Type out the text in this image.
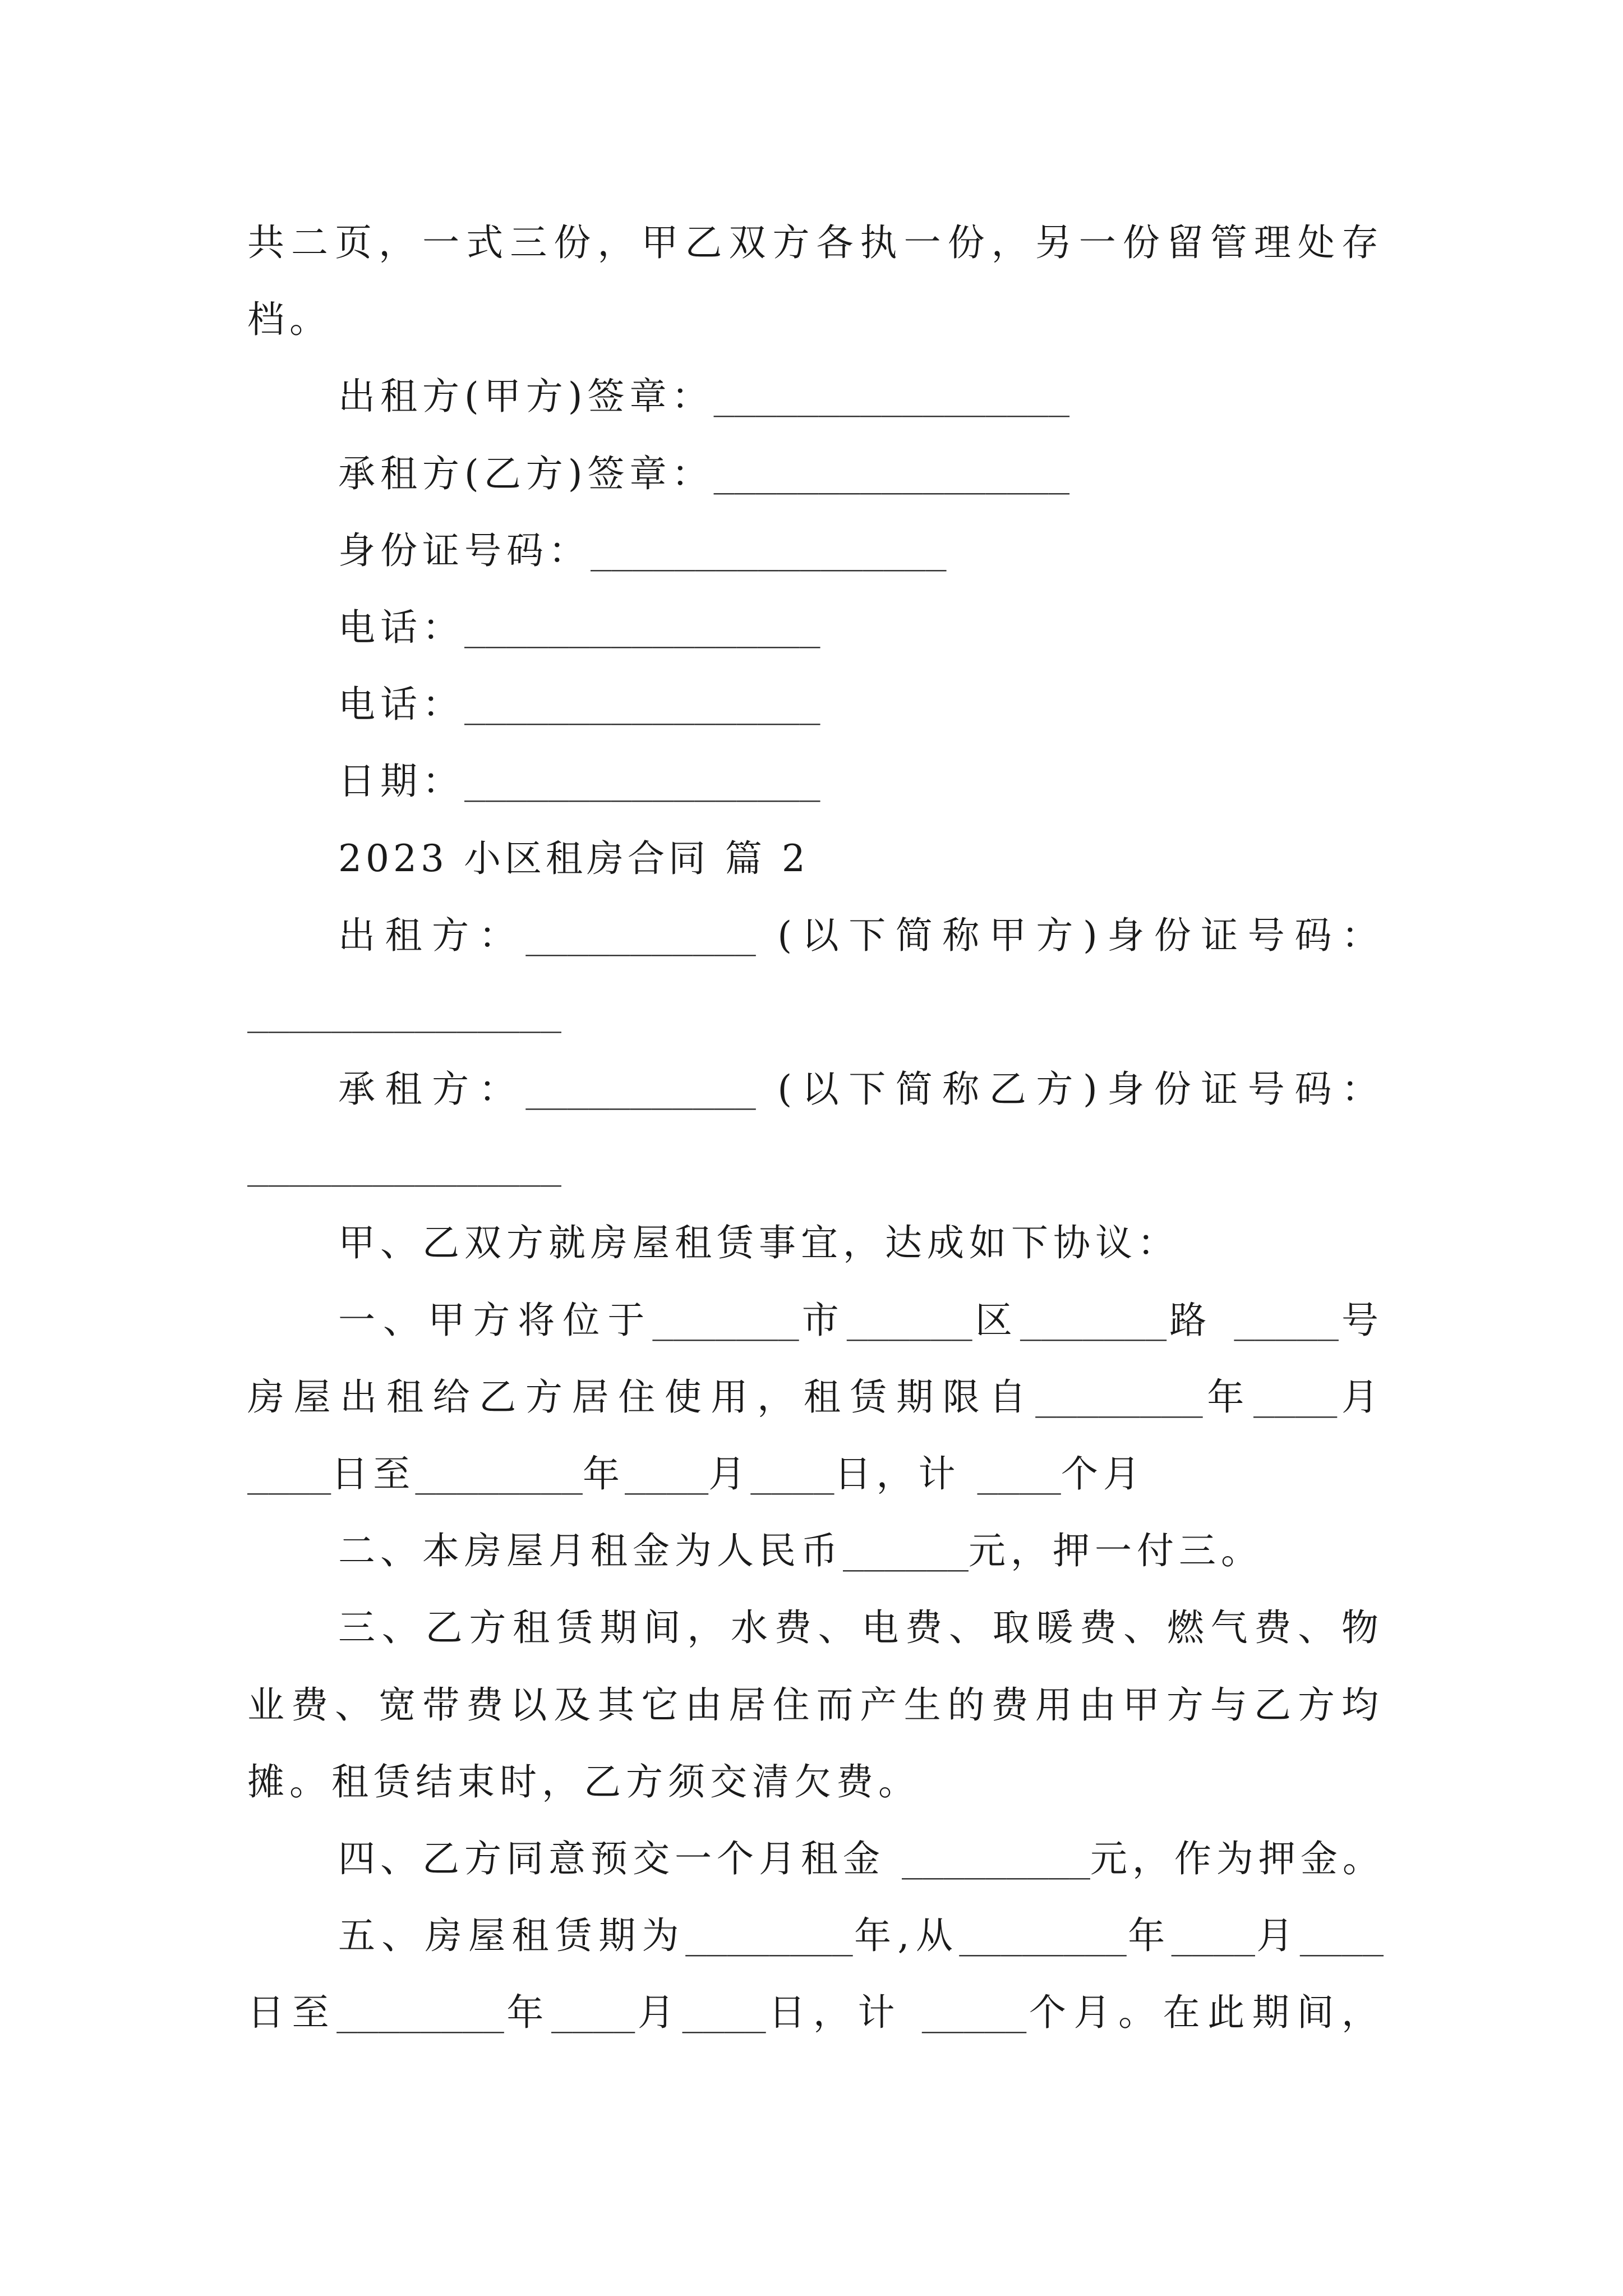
共二页，一式三份，甲乙双方各执一份，另一份留管理处存
档。
出租方(甲方)签章：_________________
承租方(乙方)签章：_________________
身份证号码：_________________
电话：_________________
电话：_________________
日期：_________________
2023 小区租房合同 篇 2
出租方：___________ (以下简称甲方)身份证号码：
_______________
承租方：___________ (以下简称乙方)身份证号码：
_______________
甲、乙双方就房屋租赁事宜，达成如下协议：
一、甲方将位于_______市______区_______路 _____号
房屋出租给乙方居住使用，租赁期限自________年____月
____日至________年____月____日，计 ____个月
二、本房屋月租金为人民币______元，押一付三。
三、乙方租赁期间，水费、电费、取暖费、燃气费、物
业费、宽带费以及其它由居住而产生的费用由甲方与乙方均
摊。租赁结束时，乙方须交清欠费。
四、乙方同意预交一个月租金 _________元，作为押金。
五、房屋租赁期为________年,从________年____月____
日至________年____月____日，计 _____个月。在此期间，
